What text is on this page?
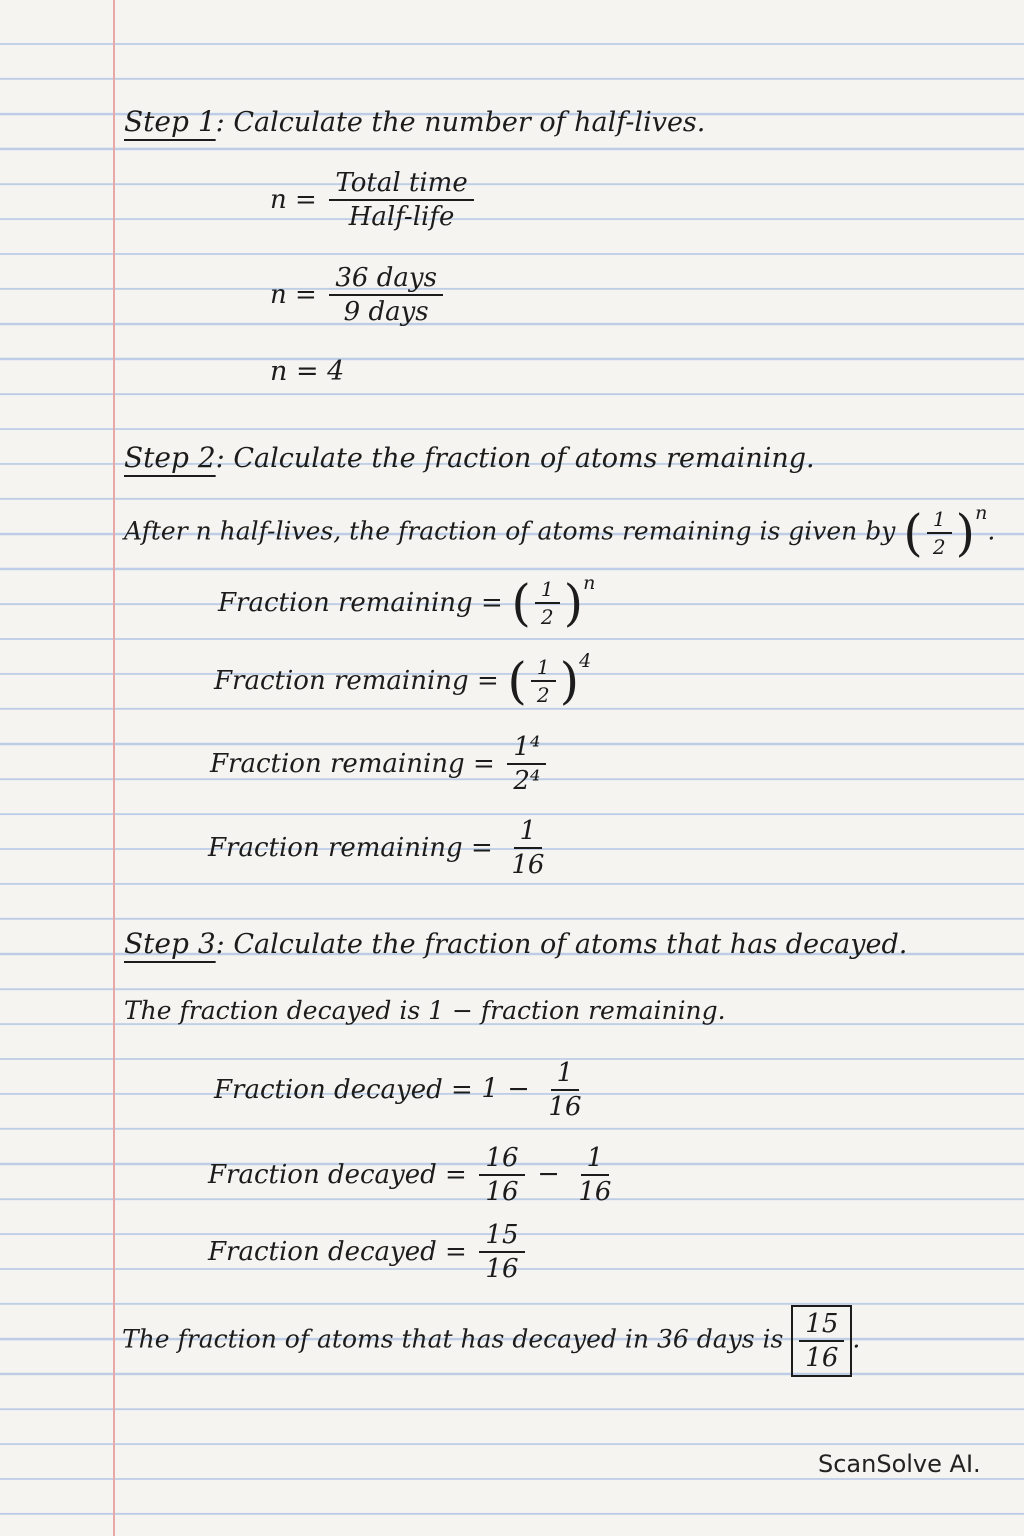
Step 1: Calculate the number of half-lives.
$n = \frac{\text{Total time}}{\text{Half-life}}$
$n = \frac{\text{36 days}}{\text{9 days}}$
n = 4
Step 2: Calculate the fraction of atoms remaining.
After n half-lives, the fraction of atoms remaining is given by ( $\frac{1}{2} )n$.
Fraction remaining = ( $\frac{1}{2} )n$
Fraction remaining = ( $\frac{1}{2} )4$
Fraction remaining = $\frac{\text{1⁴}}{\text{2⁴}}$
Fraction remaining = $\frac{1}{16}$
Step 3: Calculate the fraction of atoms that has decayed.
The fraction decayed is 1 − fraction remaining.
Fraction decayed = $1 - \frac{1}{16}$
Fraction decayed = $\frac{16}{16} - \frac{1}{16}$
Fraction decayed = $\frac{15}{16}$
The fraction of atoms that has decayed in 36 days is $\frac{15}{16}$ .
ScanSolve AI.
